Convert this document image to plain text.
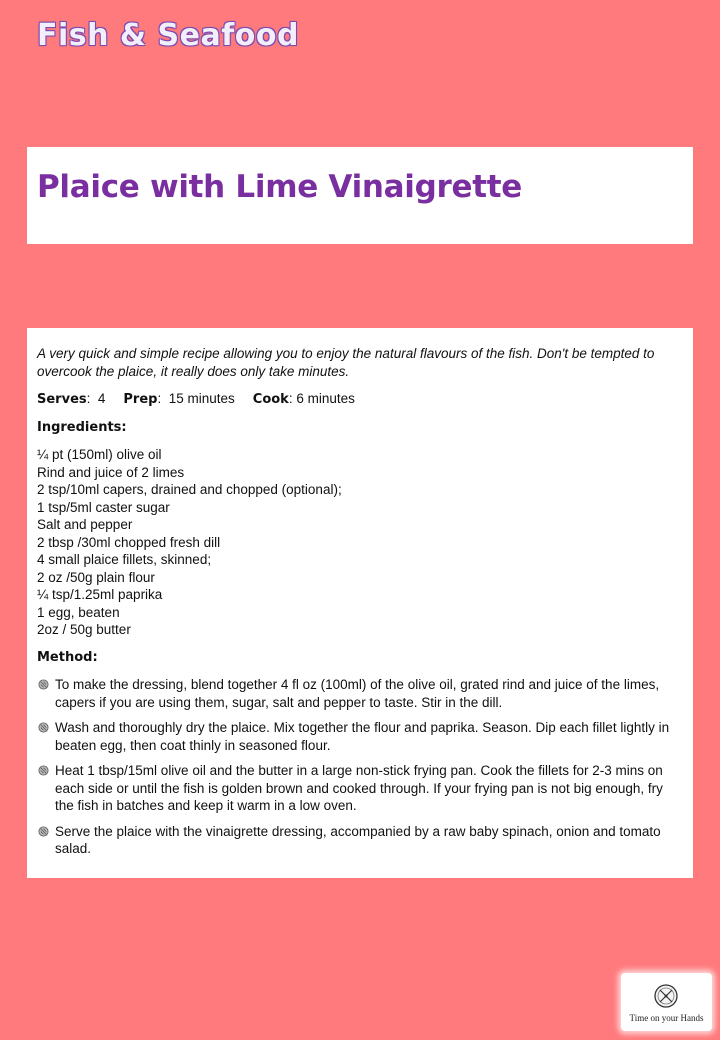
Fish & Seafood
Plaice with Lime Vinaigrette

A very quick and simple recipe allowing you to enjoy the natural flavours of the fish. Don't be tempted to overcook the plaice, it really does only take minutes.

Serves:  4 Prep:  15 minutes Cook: 6 minutes

Ingredients:

¼ pt (150ml) olive oil
Rind and juice of 2 limes
2 tsp/10ml capers, drained and chopped (optional);
1 tsp/5ml caster sugar
Salt and pepper
2 tbsp /30ml chopped fresh dill
4 small plaice fillets, skinned;
2 oz /50g plain flour
¼ tsp/1.25ml paprika
1 egg, beaten
2oz / 50g butter

Method:

To make the dressing, blend together 4 fl oz (100ml) of the olive oil, grated rind and juice of the limes, capers if you are using them, sugar, salt and pepper to taste. Stir in the dill.
Wash and thoroughly dry the plaice. Mix together the flour and paprika. Season. Dip each fillet lightly in beaten egg, then coat thinly in seasoned flour.
Heat 1 tbsp/15ml olive oil and the butter in a large non-stick frying pan. Cook the fillets for 2-3 mins on each side or until the fish is golden brown and cooked through. If your frying pan is not big enough, fry the fish in batches and keep it warm in a low oven.
Serve the plaice with the vinaigrette dressing, accompanied by a raw baby spinach, onion and tomato salad.
Time on your Hands
